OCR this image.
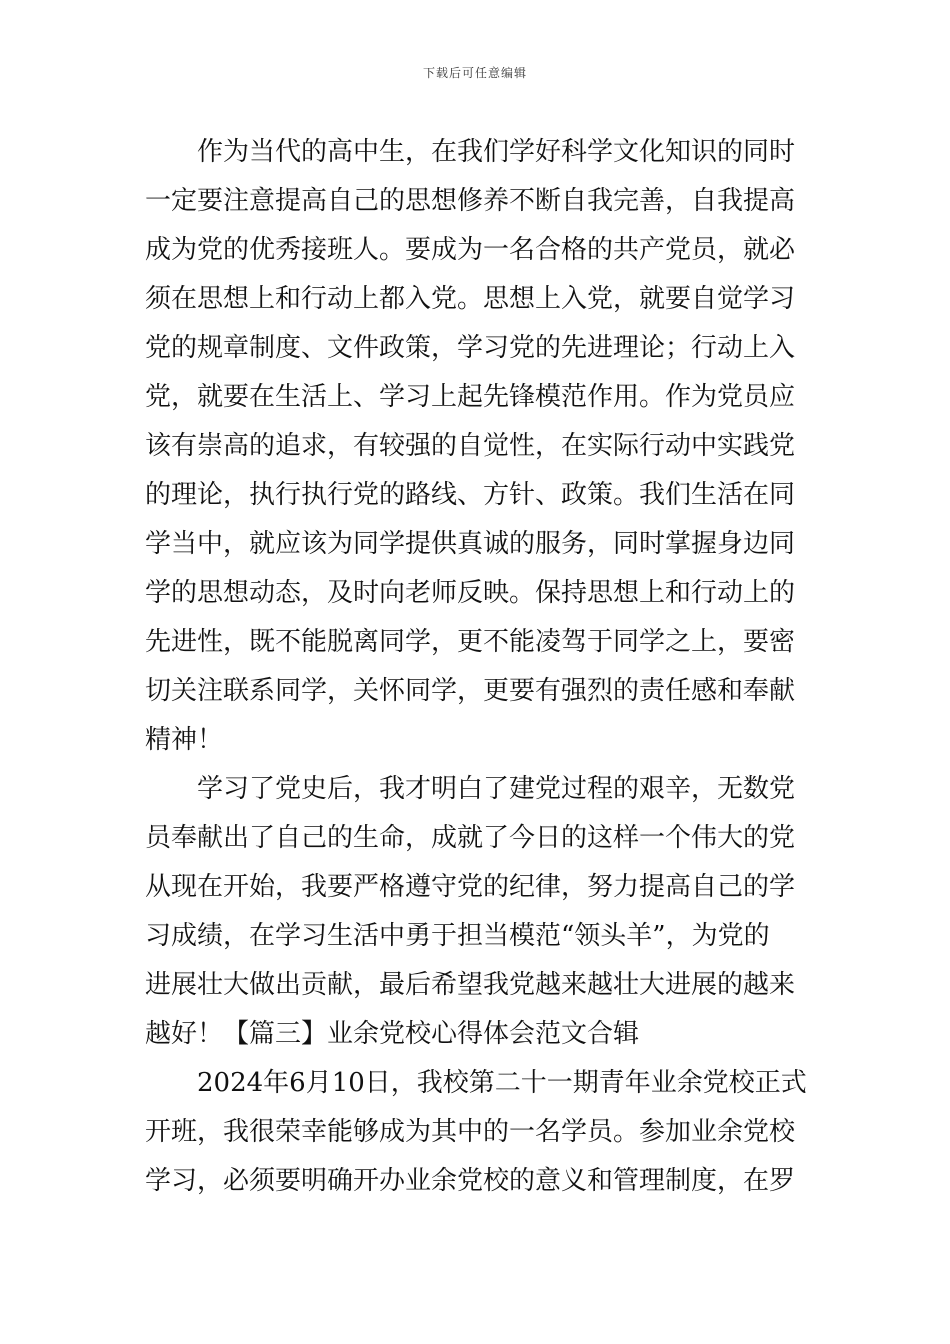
下载后可任意编辑
作为当代的高中生，在我们学好科学文化知识的同时
一定要注意提高自己的思想修养不断自我完善，自我提高
成为党的优秀接班人。要成为一名合格的共产党员，就必
须在思想上和行动上都入党。思想上入党，就要自觉学习
党的规章制度、文件政策，学习党的先进理论；行动上入
党，就要在生活上、学习上起先锋模范作用。作为党员应
该有崇高的追求，有较强的自觉性，在实际行动中实践党
的理论，执行执行党的路线、方针、政策。我们生活在同
学当中，就应该为同学提供真诚的服务，同时掌握身边同
学的思想动态，及时向老师反映。保持思想上和行动上的
先进性，既不能脱离同学，更不能凌驾于同学之上，要密
切关注联系同学，关怀同学，更要有强烈的责任感和奉献
精神！
学习了党史后，我才明白了建党过程的艰辛，无数党
员奉献出了自己的生命，成就了今日的这样一个伟大的党
从现在开始，我要严格遵守党的纪律，努力提高自己的学
习成绩，在学习生活中勇于担当模范“领头羊”，为党的
进展壮大做出贡献，最后希望我党越来越壮大进展的越来
越好！【篇三】业余党校心得体会范文合辑
2024年6月10日，我校第二十一期青年业余党校正式
开班，我很荣幸能够成为其中的一名学员。参加业余党校
学习，必须要明确开办业余党校的意义和管理制度，在罗
